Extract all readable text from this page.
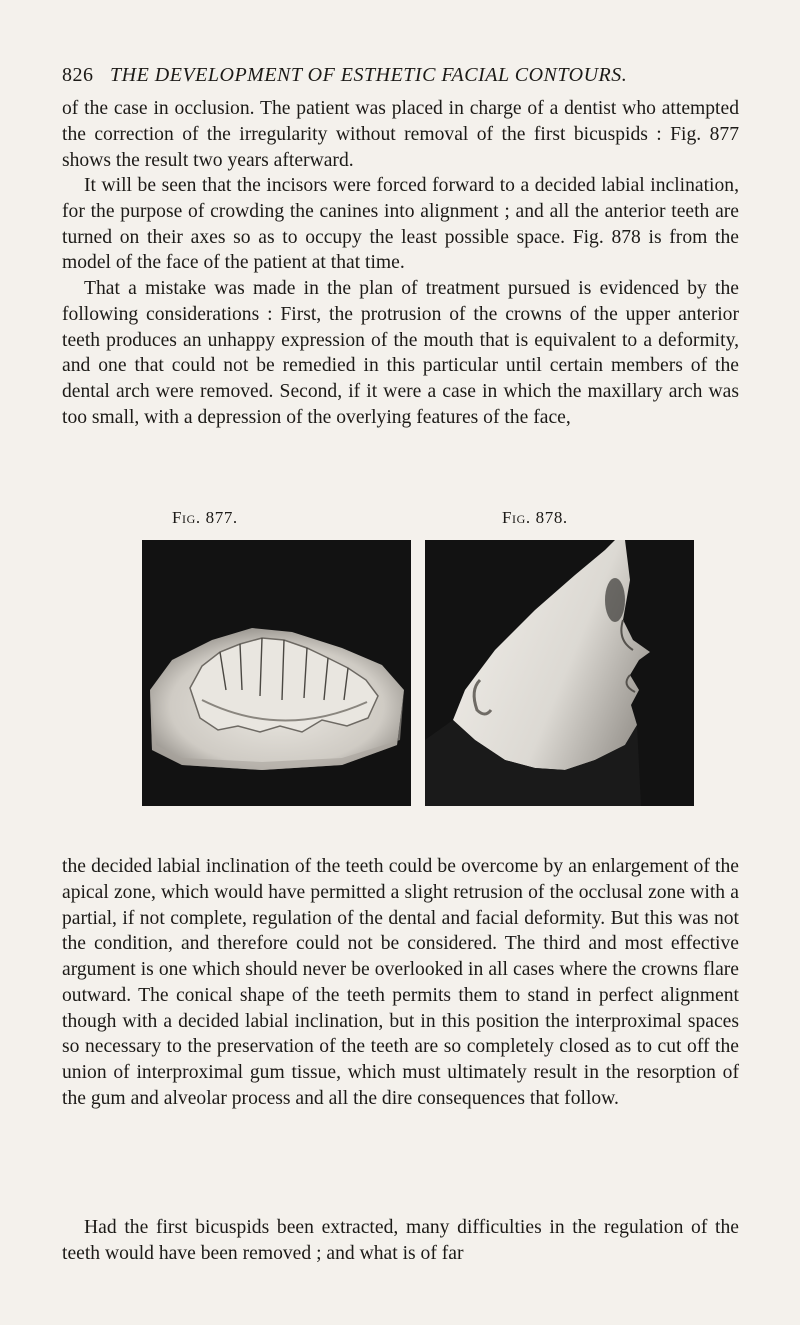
826 THE DEVELOPMENT OF ESTHETIC FACIAL CONTOURS.

of the case in occlusion. The patient was placed in charge of a dentist who attempted the correction of the irregularity without removal of the first bicuspids : Fig. 877 shows the result two years afterward.

It will be seen that the incisors were forced forward to a decided labial inclination, for the purpose of crowding the canines into alignment ; and all the anterior teeth are turned on their axes so as to occupy the least possible space. Fig. 878 is from the model of the face of the patient at that time.

That a mistake was made in the plan of treatment pursued is evidenced by the following considerations : First, the protrusion of the crowns of the upper anterior teeth produces an unhappy expression of the mouth that is equivalent to a deformity, and one that could not be remedied in this particular until certain members of the dental arch were removed. Second, if it were a case in which the maxillary arch was too small, with a depression of the overlying features of the face,

Fig. 877.	Fig. 878.

the decided labial inclination of the teeth could be overcome by an enlargement of the apical zone, which would have permitted a slight retrusion of the occlusal zone with a partial, if not complete, regulation of the dental and facial deformity. But this was not the condition, and therefore could not be considered. The third and most effective argument is one which should never be overlooked in all cases where the crowns flare outward. The conical shape of the teeth permits them to stand in perfect alignment though with a decided labial inclination, but in this position the interproximal spaces so necessary to the preservation of the teeth are so completely closed as to cut off the union of interproximal gum tissue, which must ultimately result in the resorption of the gum and alveolar process and all the dire consequences that follow.

Had the first bicuspids been extracted, many difficulties in the regulation of the teeth would have been removed ; and what is of far
